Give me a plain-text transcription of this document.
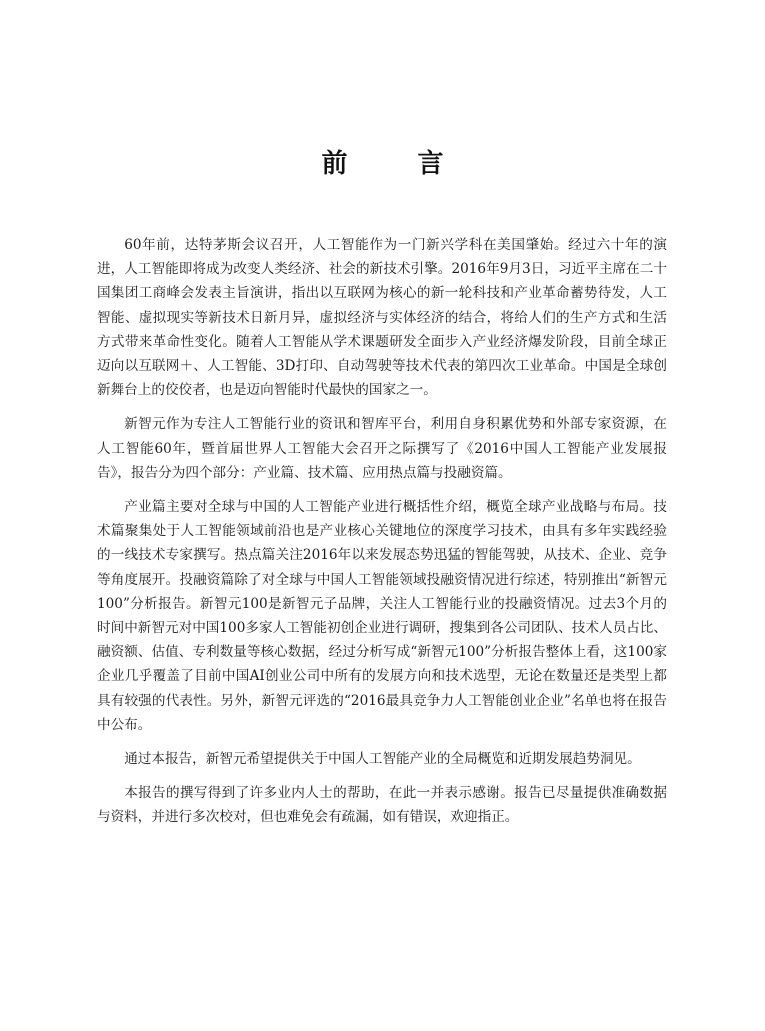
前　言

60年前，达特茅斯会议召开，人工智能作为一门新兴学科在美国肇始。经过六十年的演进，人工智能即将成为改变人类经济、社会的新技术引擎。2016年9月3日，习近平主席在二十国集团工商峰会发表主旨演讲，指出以互联网为核心的新一轮科技和产业革命蓄势待发，人工智能、虚拟现实等新技术日新月异，虚拟经济与实体经济的结合，将给人们的生产方式和生活方式带来革命性变化。随着人工智能从学术课题研发全面步入产业经济爆发阶段，目前全球正迈向以互联网＋、人工智能、3D打印、自动驾驶等技术代表的第四次工业革命。中国是全球创新舞台上的佼佼者，也是迈向智能时代最快的国家之一。

新智元作为专注人工智能行业的资讯和智库平台，利用自身积累优势和外部专家资源，在人工智能60年，暨首届世界人工智能大会召开之际撰写了《2016中国人工智能产业发展报告》，报告分为四个部分：产业篇、技术篇、应用热点篇与投融资篇。

产业篇主要对全球与中国的人工智能产业进行概括性介绍，概览全球产业战略与布局。技术篇聚集处于人工智能领域前沿也是产业核心关键地位的深度学习技术，由具有多年实践经验的一线技术专家撰写。热点篇关注2016年以来发展态势迅猛的智能驾驶，从技术、企业、竞争等角度展开。投融资篇除了对全球与中国人工智能领域投融资情况进行综述，特别推出“新智元100”分析报告。新智元100是新智元子品牌，关注人工智能行业的投融资情况。过去3个月的时间中新智元对中国100多家人工智能初创企业进行调研，搜集到各公司团队、技术人员占比、融资额、估值、专利数量等核心数据，经过分析写成“新智元100”分析报告整体上看，这100家企业几乎覆盖了目前中国AI创业公司中所有的发展方向和技术选型，无论在数量还是类型上都具有较强的代表性。另外，新智元评选的“2016最具竞争力人工智能创业企业”名单也将在报告中公布。

通过本报告，新智元希望提供关于中国人工智能产业的全局概览和近期发展趋势洞见。

本报告的撰写得到了许多业内人士的帮助，在此一并表示感谢。报告已尽量提供准确数据与资料，并进行多次校对，但也难免会有疏漏，如有错误，欢迎指正。
